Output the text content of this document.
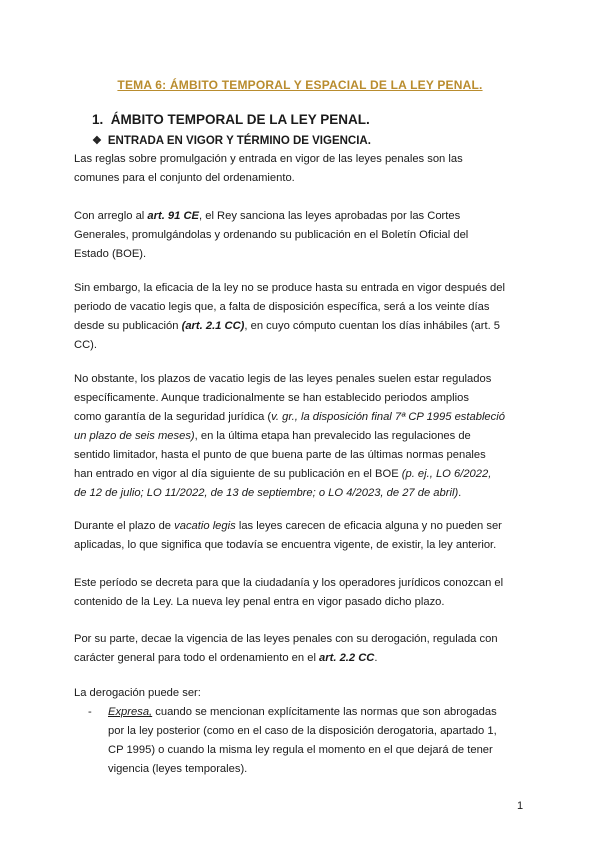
TEMA 6: ÁMBITO TEMPORAL Y ESPACIAL DE LA LEY PENAL.
1.  ÁMBITO TEMPORAL DE LA LEY PENAL.
❖ ENTRADA EN VIGOR Y TÉRMINO DE VIGENCIA.

Las reglas sobre promulgación y entrada en vigor de las leyes penales son las

comunes para el conjunto del ordenamiento.

Con arreglo al art. 91 CE, el Rey sanciona las leyes aprobadas por las Cortes

Generales, promulgándolas y ordenando su publicación en el Boletín Oficial del

Estado (BOE).

Sin embargo, la eficacia de la ley no se produce hasta su entrada en vigor después del

periodo de vacatio legis que, a falta de disposición específica, será a los veinte días

desde su publicación (art. 2.1 CC), en cuyo cómputo cuentan los días inhábiles (art. 5

CC).

No obstante, los plazos de vacatio legis de las leyes penales suelen estar regulados

específicamente. Aunque tradicionalmente se han establecido periodos amplios

como garantía de la seguridad jurídica (v. gr., la disposición final 7ª CP 1995 estableció

un plazo de seis meses), en la última etapa han prevalecido las regulaciones de

sentido limitador, hasta el punto de que buena parte de las últimas normas penales

han entrado en vigor al día siguiente de su publicación en el BOE (p. ej., LO 6/2022,

de 12 de julio; LO 11/2022, de 13 de septiembre; o LO 4/2023, de 27 de abril).

Durante el plazo de vacatio legis las leyes carecen de eficacia alguna y no pueden ser

aplicadas, lo que significa que todavía se encuentra vigente, de existir, la ley anterior.

Este período se decreta para que la ciudadanía y los operadores jurídicos conozcan el

contenido de la Ley. La nueva ley penal entra en vigor pasado dicho plazo.

Por su parte, decae la vigencia de las leyes penales con su derogación, regulada con

carácter general para todo el ordenamiento en el art. 2.2 CC.

La derogación puede ser:

- Expresa, cuando se mencionan explícitamente las normas que son abrogadas

por la ley posterior (como en el caso de la disposición derogatoria, apartado 1,

CP 1995) o cuando la misma ley regula el momento en el que dejará de tener

vigencia (leyes temporales).

1
